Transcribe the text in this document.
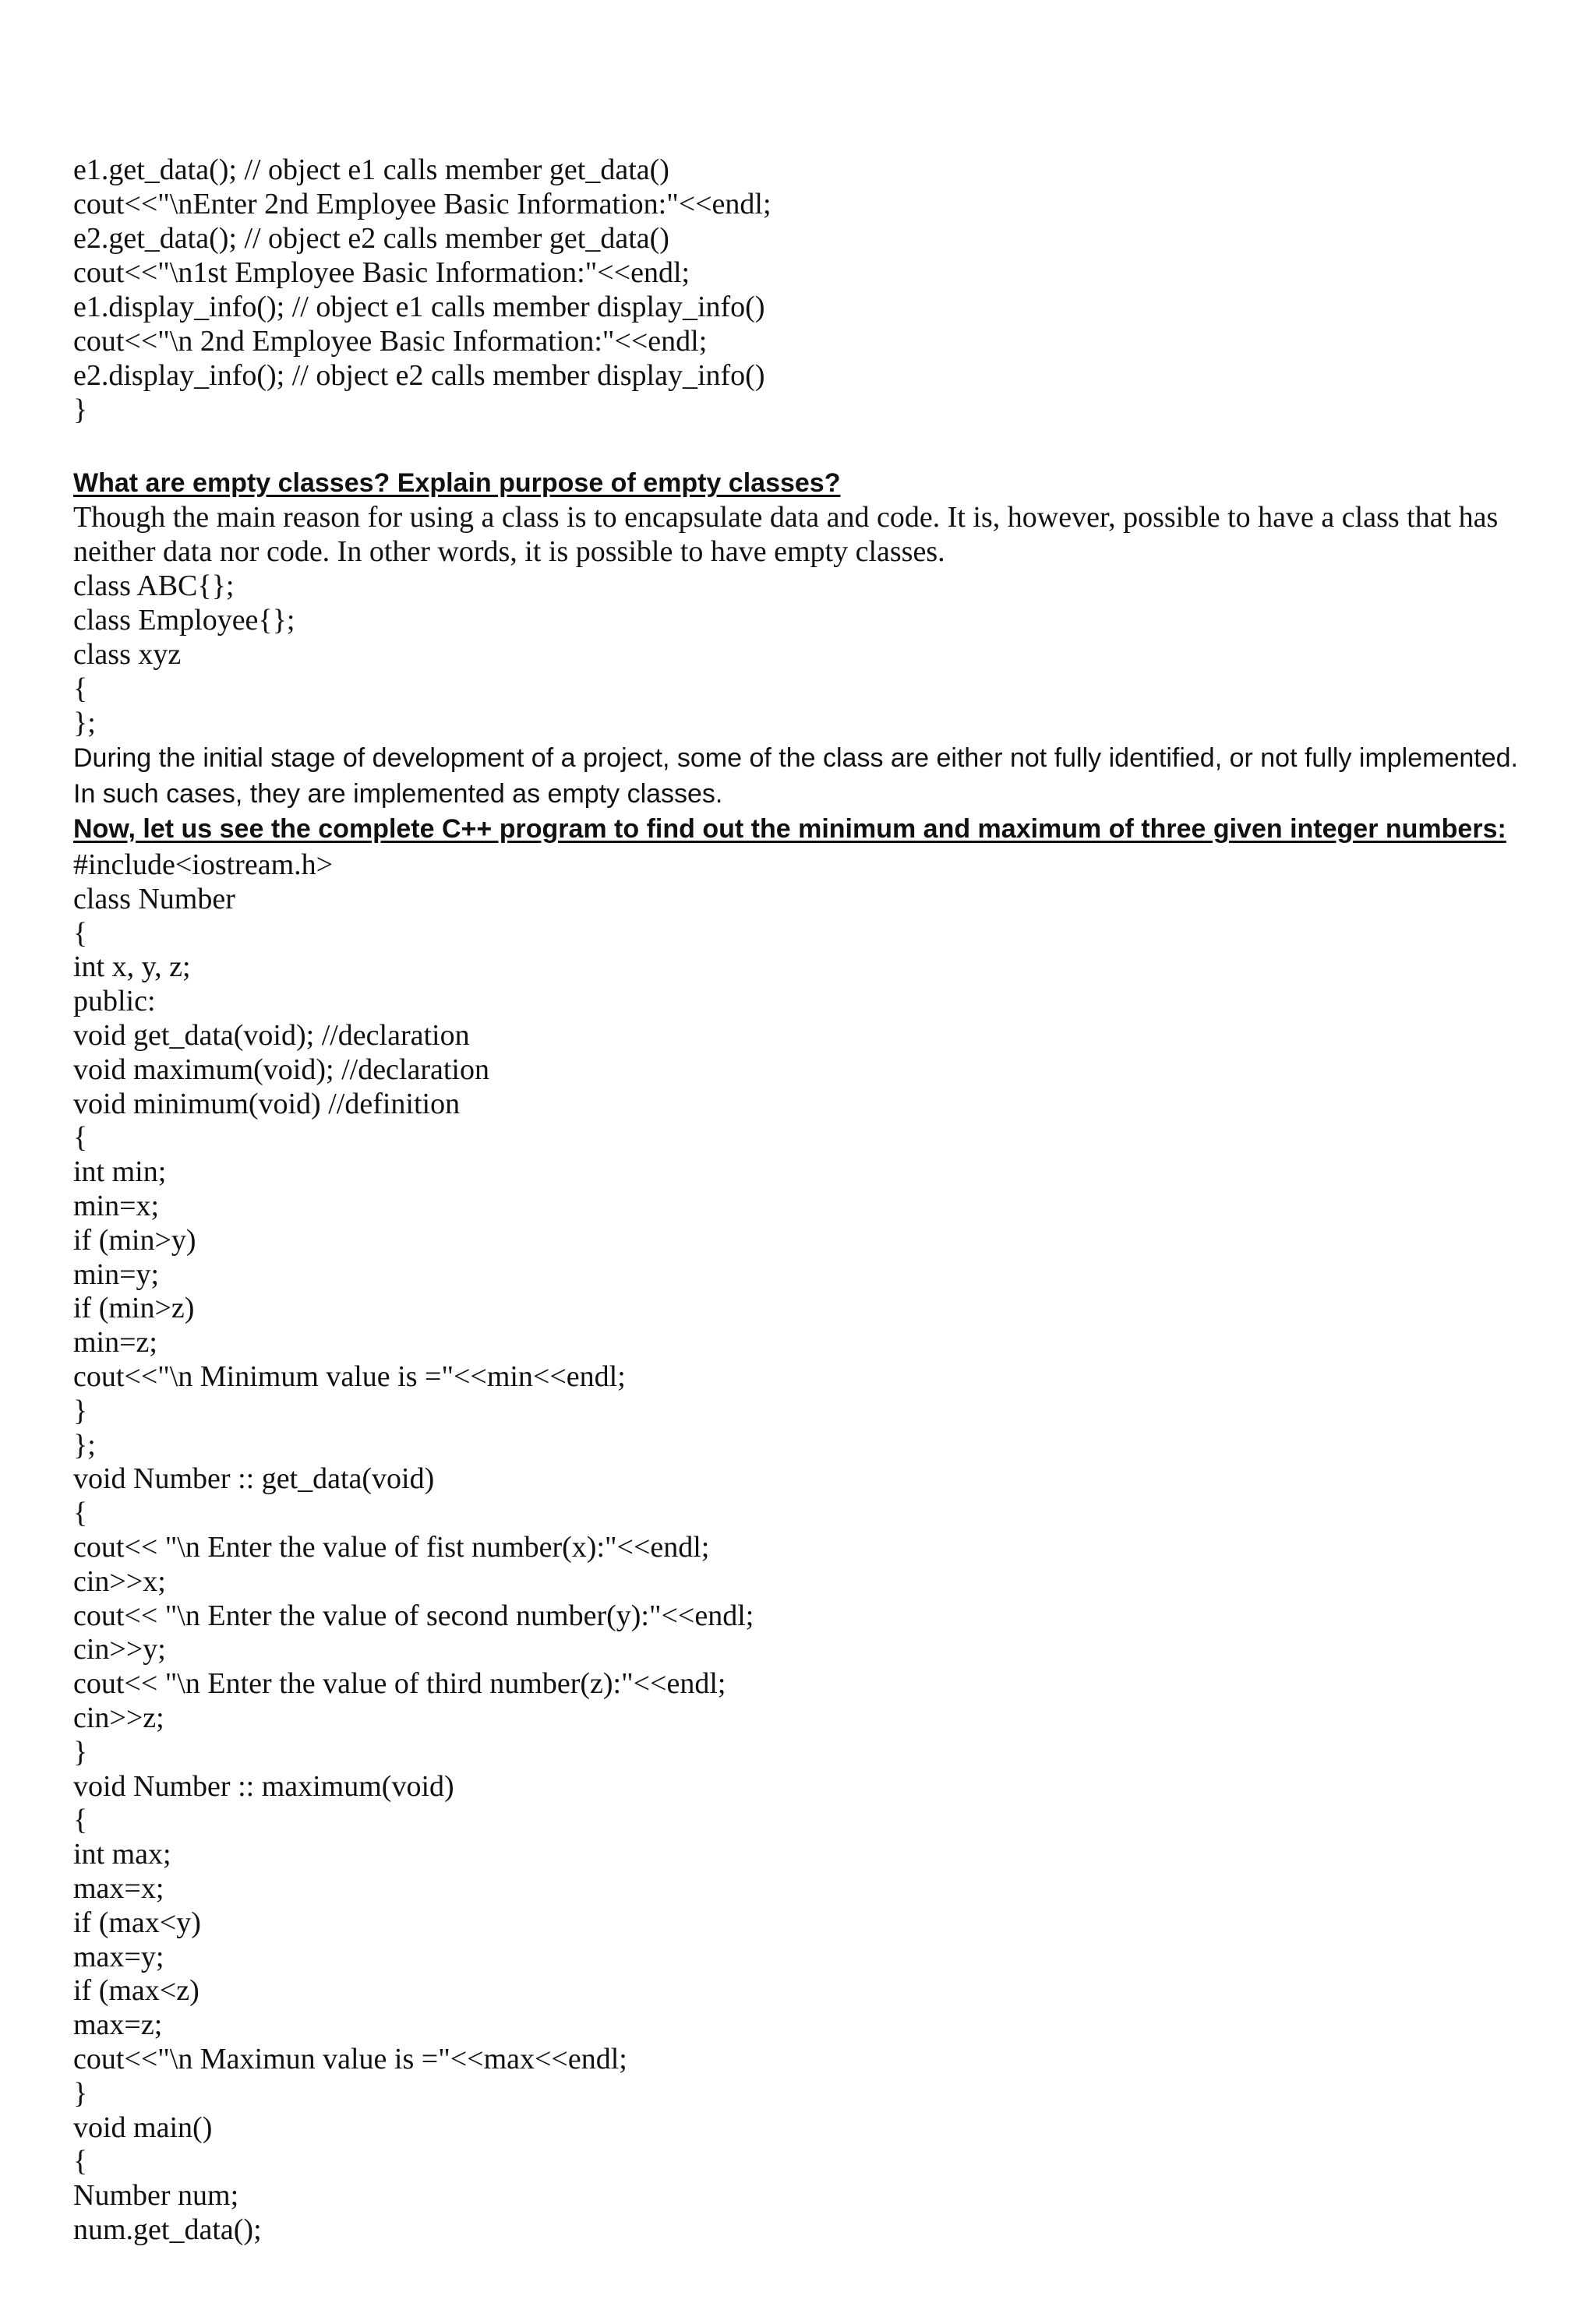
e1.get_data(); // object e1 calls member get_data()
cout<<"\nEnter 2nd Employee Basic Information:"<<endl;
e2.get_data(); // object e2 calls member get_data()
cout<<"\n1st Employee Basic Information:"<<endl;
e1.display_info(); // object e1 calls member display_info()
cout<<"\n 2nd Employee Basic Information:"<<endl;
e2.display_info(); // object e2 calls member display_info()
}
What are empty classes? Explain purpose of empty classes?
Though the main reason for using a class is to encapsulate data and code. It is, however, possible to have a class that has neither data nor code. In other words, it is possible to have empty classes.
class ABC{};
class Employee{};
class xyz
{
};
During the initial stage of development of a project, some of the class are either not fully identified, or not fully implemented. In such cases, they are implemented as empty classes.
Now, let us see the complete C++ program to find out the minimum and maximum of three given integer numbers:
#include<iostream.h>
class Number
{
int x, y, z;
public:
void get_data(void); //declaration
void maximum(void); //declaration
void minimum(void) //definition
{
int min;
min=x;
if (min>y)
min=y;
if (min>z)
min=z;
cout<<"\n Minimum value is ="<<min<<endl;
}
};
void Number :: get_data(void)
{
cout<< "\n Enter the value of fist number(x):"<<endl;
cin>>x;
cout<< "\n Enter the value of second number(y):"<<endl;
cin>>y;
cout<< "\n Enter the value of third number(z):"<<endl;
cin>>z;
}
void Number :: maximum(void)
{
int max;
max=x;
if (max<y)
max=y;
if (max<z)
max=z;
cout<<"\n Maximun value is ="<<max<<endl;
}
void main()
{
Number num;
num.get_data();
